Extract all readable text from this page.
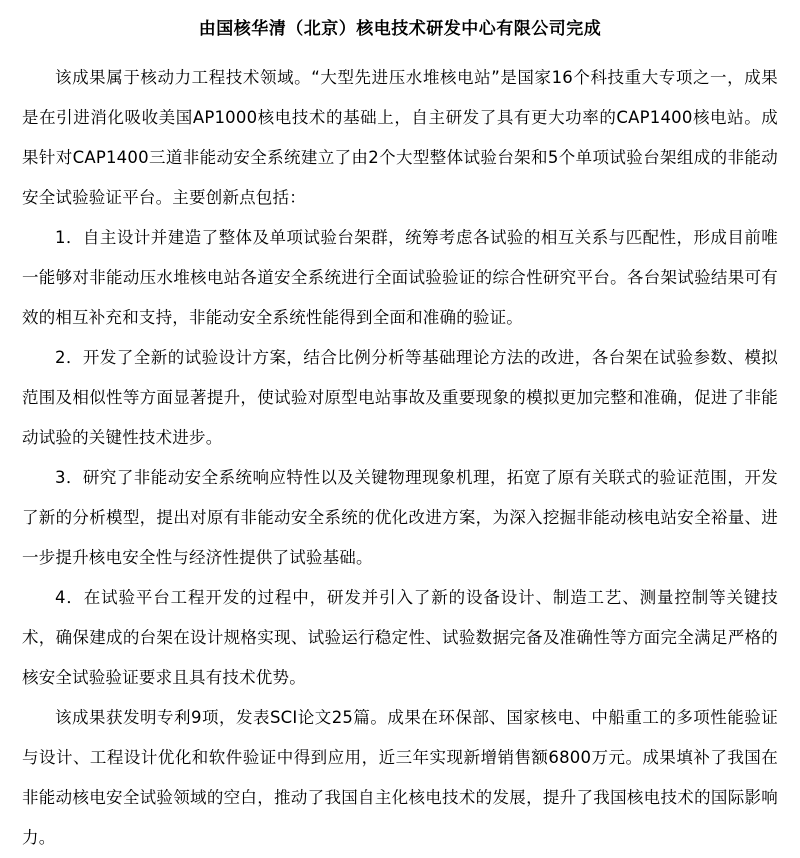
由国核华清（北京）核电技术研发中心有限公司完成

该成果属于核动力工程技术领域。“大型先进压水堆核电站”是国家16个科技重大专项之一，成果是在引进消化吸收美国AP1000核电技术的基础上，自主研发了具有更大功率的CAP1400核电站。成果针对CAP1400三道非能动安全系统建立了由2个大型整体试验台架和5个单项试验台架组成的非能动安全试验验证平台。主要创新点包括：

1．自主设计并建造了整体及单项试验台架群，统筹考虑各试验的相互关系与匹配性，形成目前唯一能够对非能动压水堆核电站各道安全系统进行全面试验验证的综合性研究平台。各台架试验结果可有效的相互补充和支持，非能动安全系统性能得到全面和准确的验证。

2．开发了全新的试验设计方案，结合比例分析等基础理论方法的改进，各台架在试验参数、模拟范围及相似性等方面显著提升，使试验对原型电站事故及重要现象的模拟更加完整和准确，促进了非能动试验的关键性技术进步。

3．研究了非能动安全系统响应特性以及关键物理现象机理，拓宽了原有关联式的验证范围，开发了新的分析模型，提出对原有非能动安全系统的优化改进方案，为深入挖掘非能动核电站安全裕量、进一步提升核电安全性与经济性提供了试验基础。

4．在试验平台工程开发的过程中，研发并引入了新的设备设计、制造工艺、测量控制等关键技术，确保建成的台架在设计规格实现、试验运行稳定性、试验数据完备及准确性等方面完全满足严格的核安全试验验证要求且具有技术优势。

该成果获发明专利9项，发表SCI论文25篇。成果在环保部、国家核电、中船重工的多项性能验证与设计、工程设计优化和软件验证中得到应用，近三年实现新增销售额6800万元。成果填补了我国在非能动核电安全试验领域的空白，推动了我国自主化核电技术的发展，提升了我国核电技术的国际影响力。
